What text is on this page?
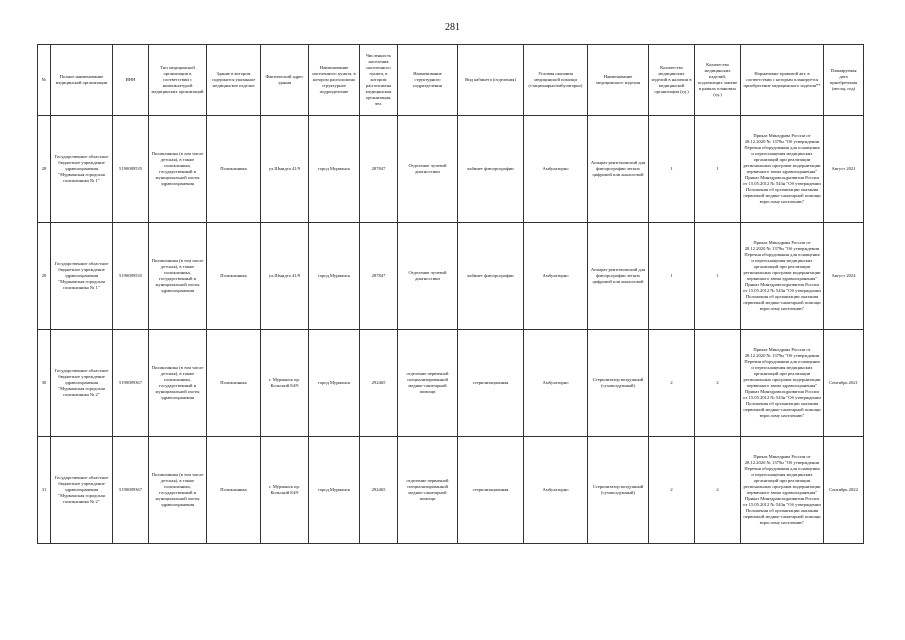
281
№	Полное наименование медицинской организации	ИНН	Тип медицинской организации в соответствии с номенклатурой медицинских организаций	Здание в котором содержится указанное медицинское изделие	Фактический адрес здания	Наименование населенного пункта, в котором расположено структурное подразделение	Численность населения населенного пункта, в котором расположена медицинская организация, чел.	Наименование структурного подразделения	Вид кабинета (отделения)	Условия оказания медицинской помощи (стационарно/амбулаторно)	Наименование медицинского изделия	Количество медицинских изделий в наличии в медицинской организации (ед.)	Количество медицинских изделий, подлежащих замене в рамках плановых (ед.)	Нормативно-правовой акт, в соответствии с которым планируется приобретение медицинского изделия**	Планируемая дата приобретения (месяц, год)
28	Государственное областное бюджетное учреждение здравоохранения "Мурманская городская поликлиника № 1"	5190089535	Поликлиника (в том числе детская), в также поликлиника, государственный и муниципальной охоты здравоохранения	Поликлиника	ул.Шмидта 41/9	город Мурманск	287847	Отделение лучевой диагностики	кабинет флюорографии	Амбулаторно	Аппарат рентгеновский для флюорографии легких цифровой или аналоговой	1	1	Приказ Минздрава России от 28.12.2020 № 1379н "Об утверждении Перечня оборудования для оснащения и переоснащения медицинских организаций при реализации региональных программ модернизации первичного звена здравоохранения" Приказ Минздравсоцразвития России от 15.05.2012 № 543н "Об утверждении Положения об организации оказания первичной медико-санитарной помощи взрослому населению"	Август 2021
29	Государственное областное бюджетное учреждение здравоохранения "Мурманская городская поликлиника № 1"	5190089535	Поликлиника (в том числе детская), в также поликлиника, государственный и муниципальной охоты здравоохранения	Поликлиника	ул.Шмидта 41/9	город Мурманск	287847	Отделение лучевой диагностики	кабинет флюорографии	Амбулаторно	Аппарат рентгеновский для флюорографии легких цифровой или аналоговой	1	1	Приказ Минздрава России от 28.12.2020 № 1379н "Об утверждении Перечня оборудования для оснащения и переоснащения медицинских организаций при реализации региональных программ модернизации первичного звена здравоохранения" Приказ Минздравсоцразвития России от 15.05.2012 № 543н "Об утверждении Положения об организации оказания первичной медико-санитарной помощи взрослому населению"	Август 2024
30	Государственное областное бюджетное учреждение здравоохранения "Мурманская городская поликлиника № 2"	5190089367	Поликлиника (в том числе детская), в также поликлиника, государственный и муниципальной охоты здравоохранения	Поликлиника	г. Мурманск пр. Кольский 84/9	город Мурманск	292465	отделение первичной специализированной медико-санитарной помощи	стерилизационная	Амбулаторно	Стерилизатор воздушный (суховоздушный)	2	2	Приказ Минздрава России от 28.12.2020 № 1379н "Об утверждении Перечня оборудования для оснащения и переоснащения медицинских организаций при реализации региональных программ модернизации первичного звена здравоохранения" Приказ Минздравсоцразвития России от 15.05.2012 № 543н "Об утверждении Положения об организации оказания первичной медико-санитарной помощи взрослому населению"	Сентябрь 2021
31	Государственное областное бюджетное учреждение здравоохранения "Мурманская городская поликлиника № 2"	5190089367	Поликлиника (в том числе детская), в также поликлиника, государственный и муниципальной охоты здравоохранения	Поликлиника	г. Мурманск пр. Кольский 84/9	город Мурманск	292465	отделение первичной специализированной медико-санитарной помощи	стерилизационная	Амбулаторно	Стерилизатор воздушный (суховоздушный)	2	2	Приказ Минздрава России от 28.12.2020 № 1379н "Об утверждении Перечня оборудования для оснащения и переоснащения медицинских организаций при реализации региональных программ модернизации первичного звена здравоохранения" Приказ Минздравсоцразвития России от 15.05.2012 № 543н "Об утверждении Положения об организации оказания первичной медико-санитарной помощи взрослому населению"	Сентябрь 2022
